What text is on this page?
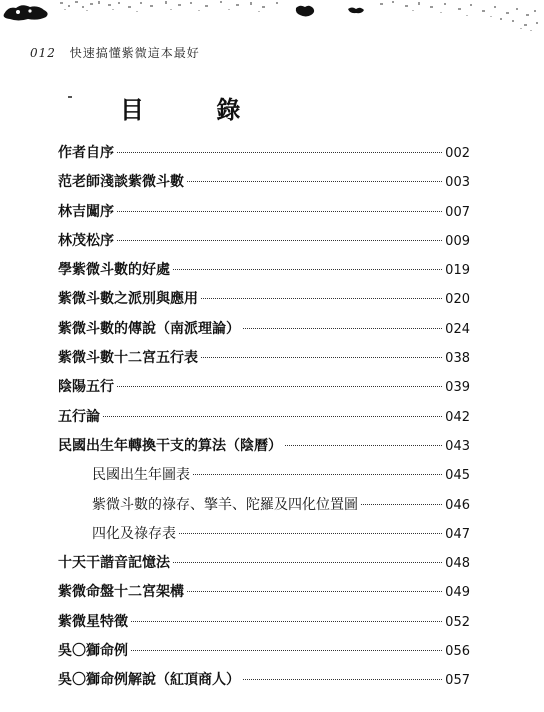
012 快速搞懂紫微這本最好
目 錄
作者自序	002
范老師淺談紫微斗數	003
林吉闖序	007
林茂松序	009
學紫微斗數的好處	019
紫微斗數之派別與應用	020
紫微斗數的傳說（南派理論）	024
紫微斗數十二宮五行表	038
陰陽五行	039
五行論	042
民國出生年轉換干支的算法（陰曆）	043
民國出生年圖表	045
紫微斗數的祿存、擎羊、陀羅及四化位置圖	046
四化及祿存表	047
十天干諧音記憶法	048
紫微命盤十二宮架構	049
紫微星特徵	052
吳〇獅命例	056
吳〇獅命例解說（紅頂商人）	057
